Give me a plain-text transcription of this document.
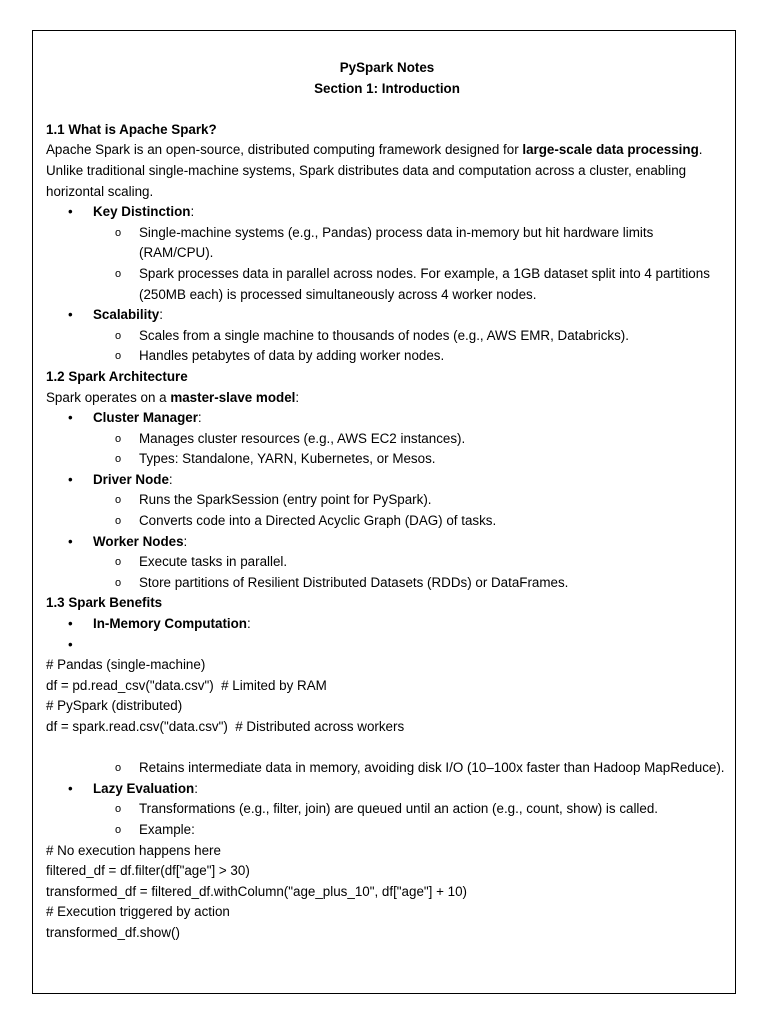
PySpark Notes
Section 1: Introduction
1.1 What is Apache Spark?
Apache Spark is an open-source, distributed computing framework designed for large-scale data processing. Unlike traditional single-machine systems, Spark distributes data and computation across a cluster, enabling horizontal scaling.
• Key Distinction:
o Single-machine systems (e.g., Pandas) process data in-memory but hit hardware limits (RAM/CPU).
o Spark processes data in parallel across nodes. For example, a 1GB dataset split into 4 partitions (250MB each) is processed simultaneously across 4 worker nodes.
• Scalability:
o Scales from a single machine to thousands of nodes (e.g., AWS EMR, Databricks).
o Handles petabytes of data by adding worker nodes.
1.2 Spark Architecture
Spark operates on a master-slave model:
• Cluster Manager:
o Manages cluster resources (e.g., AWS EC2 instances).
o Types: Standalone, YARN, Kubernetes, or Mesos.
• Driver Node:
o Runs the SparkSession (entry point for PySpark).
o Converts code into a Directed Acyclic Graph (DAG) of tasks.
• Worker Nodes:
o Execute tasks in parallel.
o Store partitions of Resilient Distributed Datasets (RDDs) or DataFrames.
1.3 Spark Benefits
• In-Memory Computation:
•
# Pandas (single-machine)
df = pd.read_csv("data.csv")  # Limited by RAM
# PySpark (distributed)
df = spark.read.csv("data.csv")  # Distributed across workers
o Retains intermediate data in memory, avoiding disk I/O (10–100x faster than Hadoop MapReduce).
• Lazy Evaluation:
o Transformations (e.g., filter, join) are queued until an action (e.g., count, show) is called.
o Example:
# No execution happens here
filtered_df = df.filter(df["age"] > 30)
transformed_df = filtered_df.withColumn("age_plus_10", df["age"] + 10)
# Execution triggered by action
transformed_df.show()
